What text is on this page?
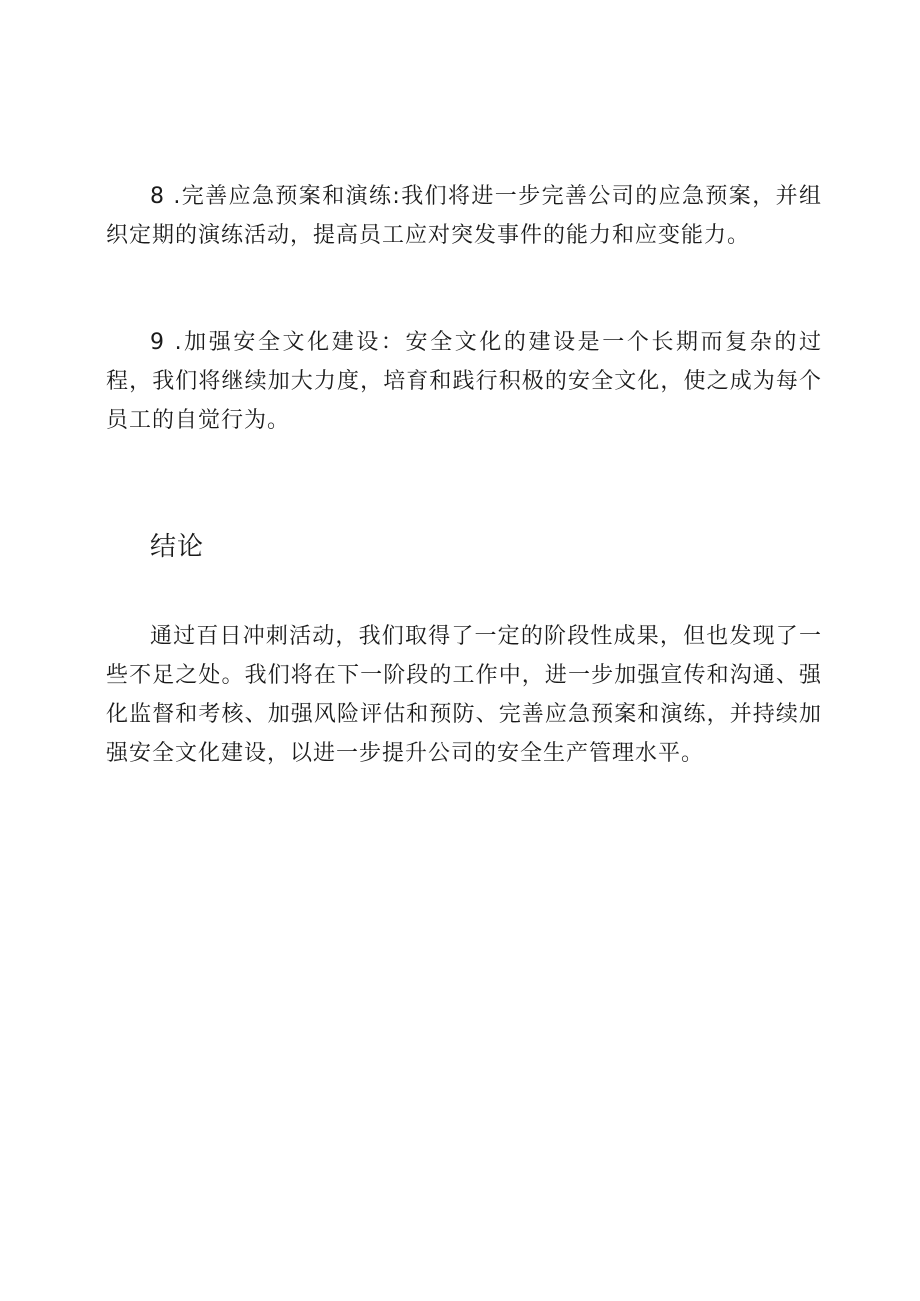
8 .完善应急预案和演练:我们将进一步完善公司的应急预案，并组织定期的演练活动，提高员工应对突发事件的能力和应变能力。

9 .加强安全文化建设：安全文化的建设是一个长期而复杂的过程，我们将继续加大力度，培育和践行积极的安全文化，使之成为每个员工的自觉行为。

结论

通过百日冲刺活动，我们取得了一定的阶段性成果，但也发现了一些不足之处。我们将在下一阶段的工作中，进一步加强宣传和沟通、强化监督和考核、加强风险评估和预防、完善应急预案和演练，并持续加强安全文化建设，以进一步提升公司的安全生产管理水平。
